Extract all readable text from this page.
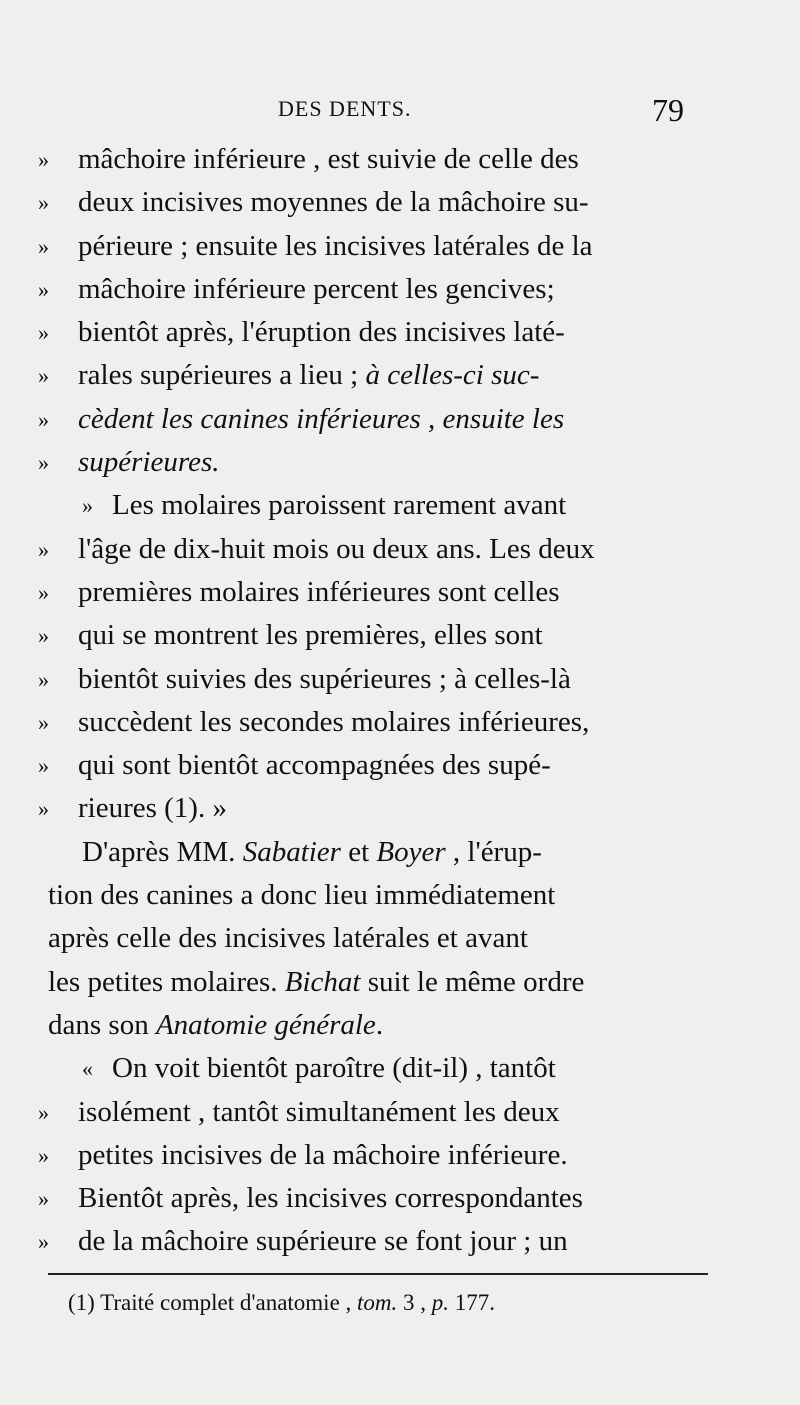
DES DENTS.	79
»	mâchoire inférieure , est suivie de celle des
»	deux incisives moyennes de la mâchoire su-
»	périeure ; ensuite les incisives latérales de la
»	mâchoire inférieure percent les gencives;
»	bientôt après, l'éruption des incisives laté-
»	rales supérieures a lieu ; à celles-ci suc-
»	cèdent les canines inférieures , ensuite les
»	supérieures.
» Les molaires paroissent rarement avant
»	l'âge de dix-huit mois ou deux ans. Les deux
»	premières molaires inférieures sont celles
»	qui se montrent les premières, elles sont
»	bientôt suivies des supérieures ; à celles-là
»	succèdent les secondes molaires inférieures,
»	qui sont bientôt accompagnées des supé-
»	rieures (1). »
D'après MM. Sabatier et Boyer , l'érup-
tion des canines a donc lieu immédiatement
après celle des incisives latérales et avant
les petites molaires. Bichat suit le même ordre
dans son Anatomie générale.
« On voit bientôt paroître (dit-il) , tantôt
»	isolément , tantôt simultanément les deux
»	petites incisives de la mâchoire inférieure.
»	Bientôt après, les incisives correspondantes
»	de la mâchoire supérieure se font jour ; un
(1) Traité complet d'anatomie , tom. 3 , p. 177.
